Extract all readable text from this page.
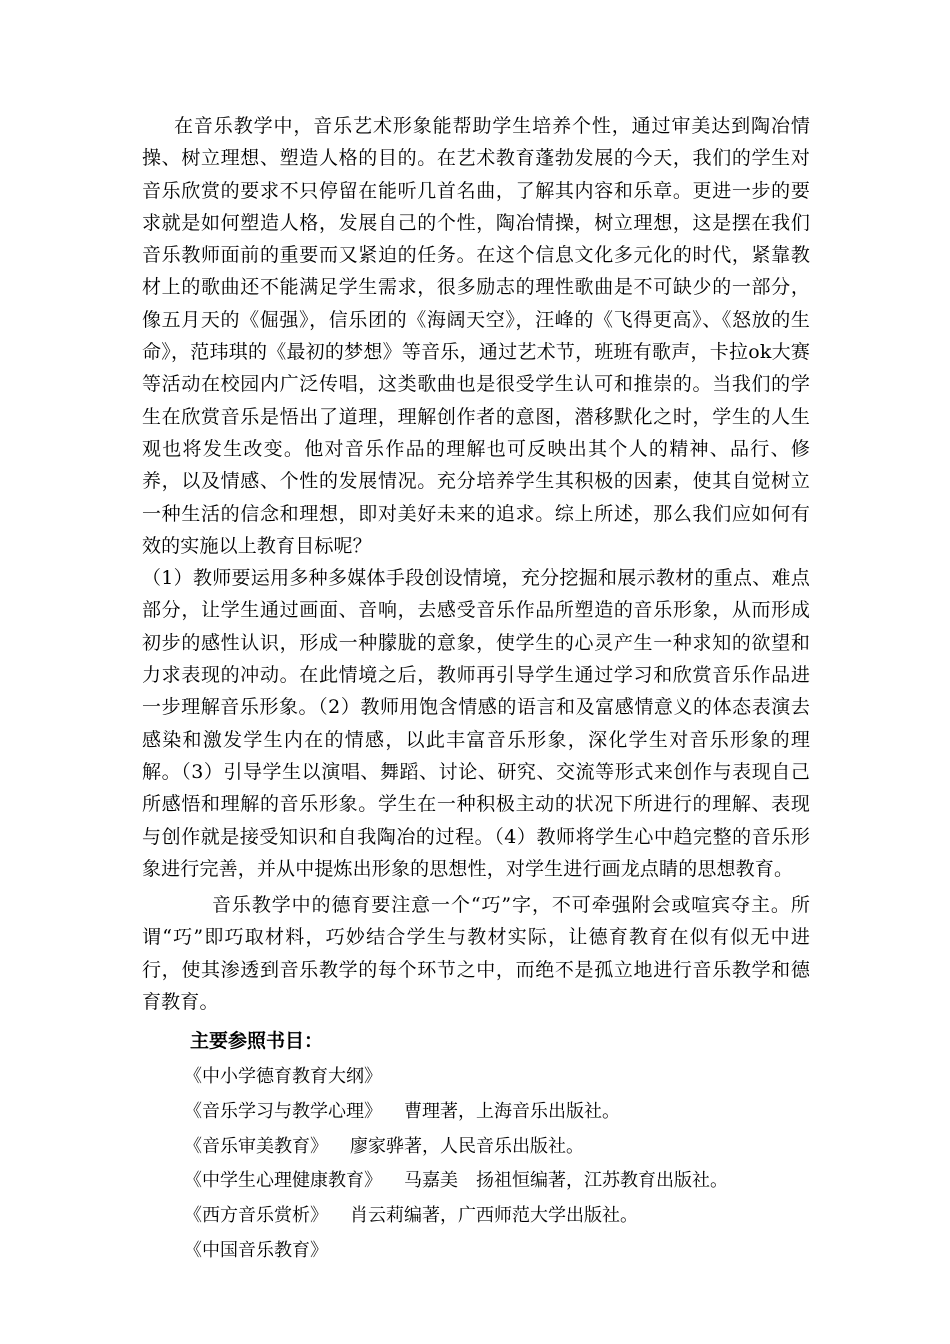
在音乐教学中，音乐艺术形象能帮助学生培养个性，通过审美达到陶冶情操、树立理想、塑造人格的目的。在艺术教育蓬勃发展的今天，我们的学生对音乐欣赏的要求不只停留在能听几首名曲，了解其内容和乐章。更进一步的要求就是如何塑造人格，发展自己的个性，陶冶情操，树立理想，这是摆在我们音乐教师面前的重要而又紧迫的任务。在这个信息文化多元化的时代，紧靠教材上的歌曲还不能满足学生需求，很多励志的理性歌曲是不可缺少的一部分，像五月天的《倔强》，信乐团的《海阔天空》，汪峰的《飞得更高》、《怒放的生命》，范玮琪的《最初的梦想》等音乐，通过艺术节，班班有歌声，卡拉ok大赛等活动在校园内广泛传唱，这类歌曲也是很受学生认可和推崇的。当我们的学生在欣赏音乐是悟出了道理，理解创作者的意图，潜移默化之时，学生的人生观也将发生改变。他对音乐作品的理解也可反映出其个人的精神、品行、修养，以及情感、个性的发展情况。充分培养学生其积极的因素，使其自觉树立一种生活的信念和理想，即对美好未来的追求。综上所述，那么我们应如何有效的实施以上教育目标呢？

（1）教师要运用多种多媒体手段创设情境，充分挖掘和展示教材的重点、难点部分，让学生通过画面、音响，去感受音乐作品所塑造的音乐形象，从而形成初步的感性认识，形成一种朦胧的意象，使学生的心灵产生一种求知的欲望和力求表现的冲动。在此情境之后，教师再引导学生通过学习和欣赏音乐作品进一步理解音乐形象。（2）教师用饱含情感的语言和及富感情意义的体态表演去感染和激发学生内在的情感，以此丰富音乐形象，深化学生对音乐形象的理解。（3）引导学生以演唱、舞蹈、讨论、研究、交流等形式来创作与表现自己所感悟和理解的音乐形象。学生在一种积极主动的状况下所进行的理解、表现与创作就是接受知识和自我陶冶的过程。（4）教师将学生心中趋完整的音乐形象进行完善，并从中提炼出形象的思想性，对学生进行画龙点睛的思想教育。

音乐教学中的德育要注意一个“巧”字，不可牵强附会或喧宾夺主。所谓“巧”即巧取材料，巧妙结合学生与教材实际，让德育教育在似有似无中进行，使其渗透到音乐教学的每个环节之中，而绝不是孤立地进行音乐教学和德育教育。

主要参照书目：
《中小学德育教育大纲》
《音乐学习与教学心理》 曹理著，上海音乐出版社。
《音乐审美教育》 廖家骅著，人民音乐出版社。
《中学生心理健康教育》 马嘉美　扬祖恒编著，江苏教育出版社。
《西方音乐赏析》 肖云莉编著，广西师范大学出版社。
《中国音乐教育》
